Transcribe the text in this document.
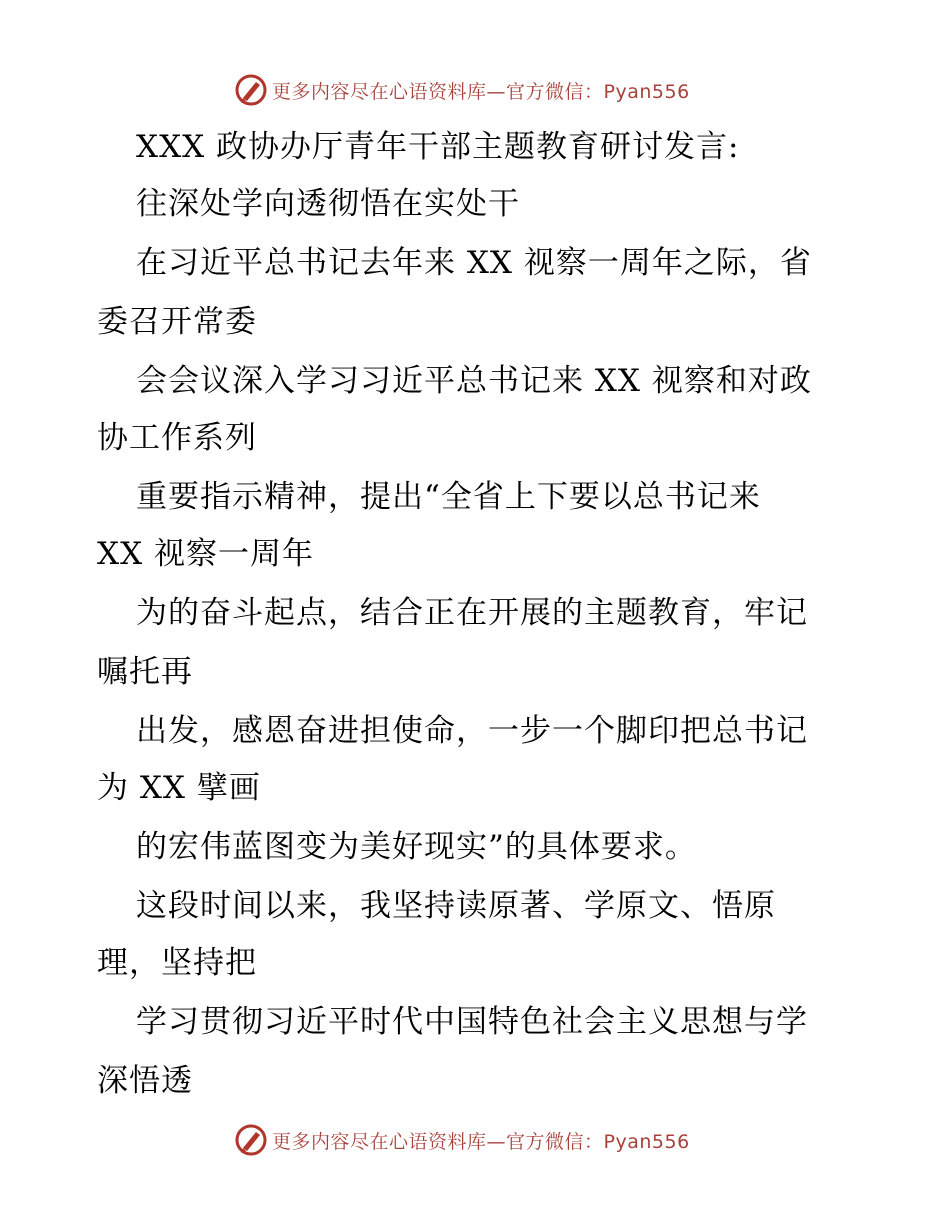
更多内容尽在心语资料库—官方微信：Pyan556
XXX 政协办厅青年干部主题教育研讨发言:
往深处学向透彻悟在实处干
在习近平总书记去年来 XX 视察一周年之际，省
委召开常委
会会议深入学习习近平总书记来 XX 视察和对政
协工作系列
重要指示精神，提出“全省上下要以总书记来
XX 视察一周年
为的奋斗起点，结合正在开展的主题教育，牢记
嘱托再
出发，感恩奋进担使命，一步一个脚印把总书记
为 XX 擘画
的宏伟蓝图变为美好现实”的具体要求。
这段时间以来，我坚持读原著、学原文、悟原
理，坚持把
学习贯彻习近平时代中国特色社会主义思想与学
深悟透
更多内容尽在心语资料库—官方微信：Pyan556
